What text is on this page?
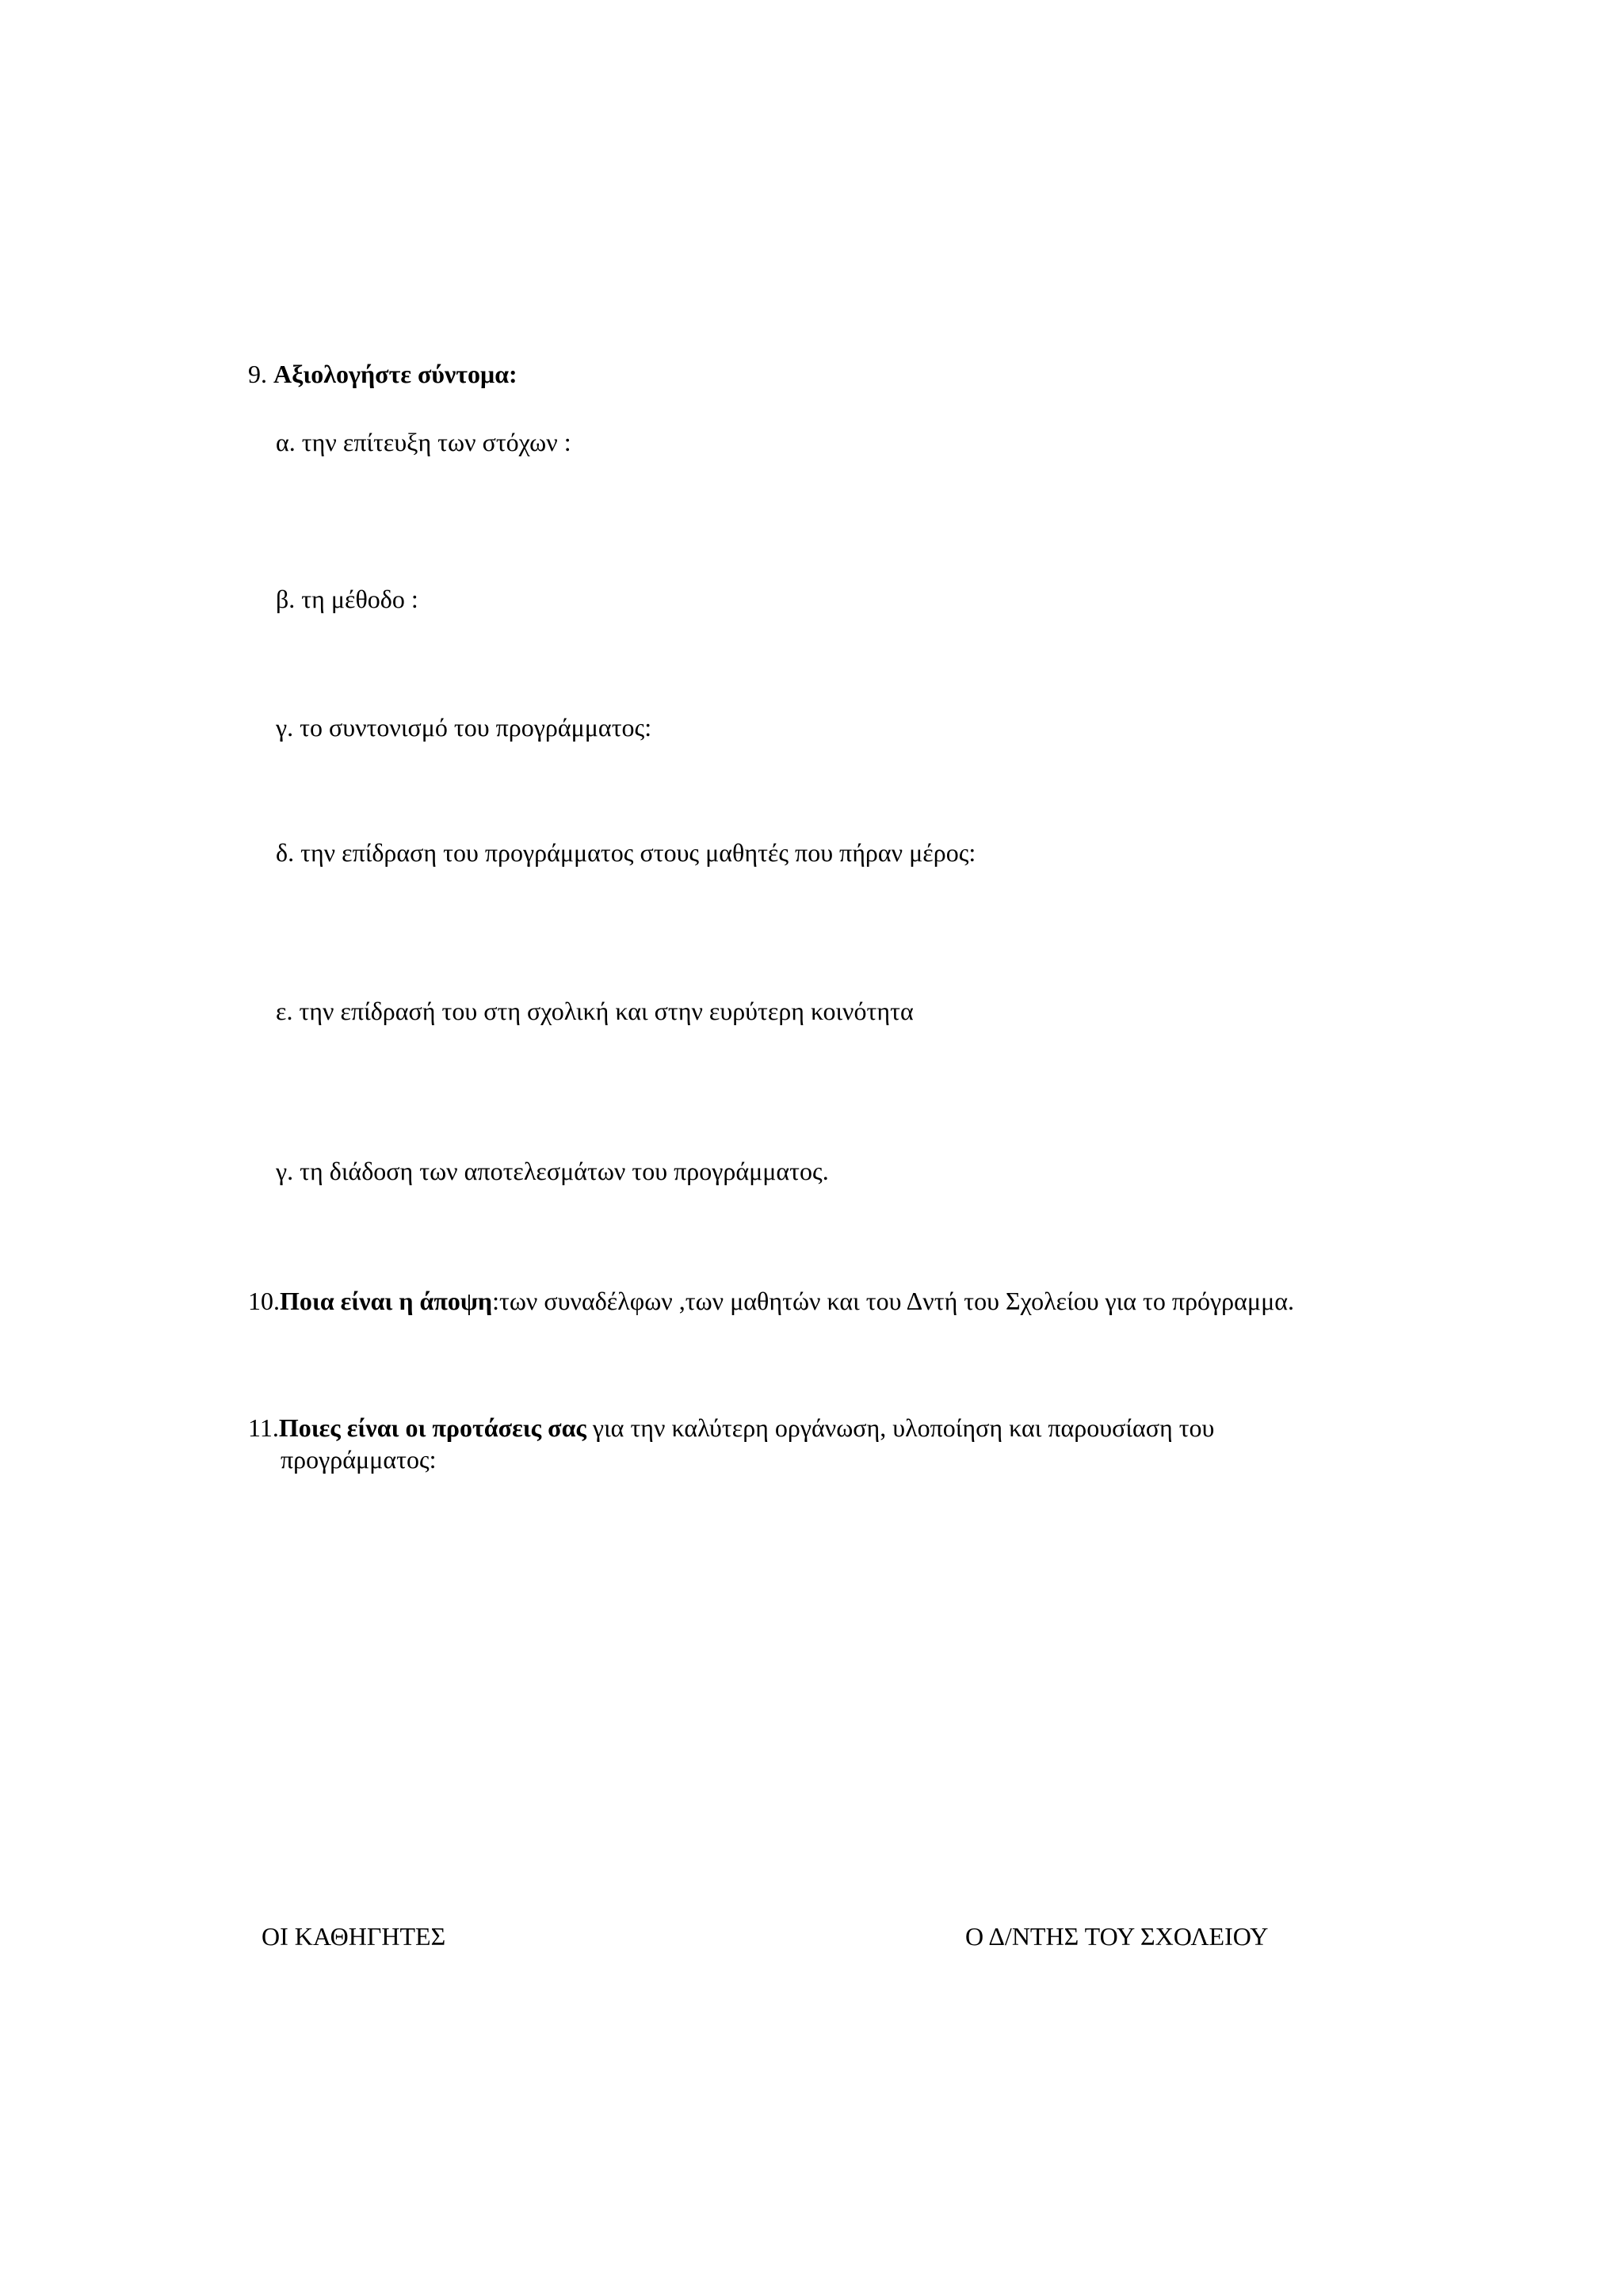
9. Αξιολογήστε σύντομα:
α. την επίτευξη των στόχων :
β. τη μέθοδο :
γ. το συντονισμό του προγράμματος:
δ. την επίδραση του προγράμματος στους μαθητές που πήραν μέρος:
ε. την επίδρασή του στη σχολική και στην ευρύτερη κοινότητα
γ. τη διάδοση των αποτελεσμάτων του προγράμματος.
10.Ποια είναι η άποψη:των συναδέλφων ,των μαθητών και του Δντή του Σχολείου για το πρόγραμμα.
11.Ποιες είναι οι προτάσεις σας για την καλύτερη οργάνωση, υλοποίηση και παρουσίαση του
προγράμματος:
ΟΙ ΚΑΘΗΓΗΤΕΣ	Ο Δ/ΝΤΗΣ ΤΟΥ ΣΧΟΛΕΙΟΥ
